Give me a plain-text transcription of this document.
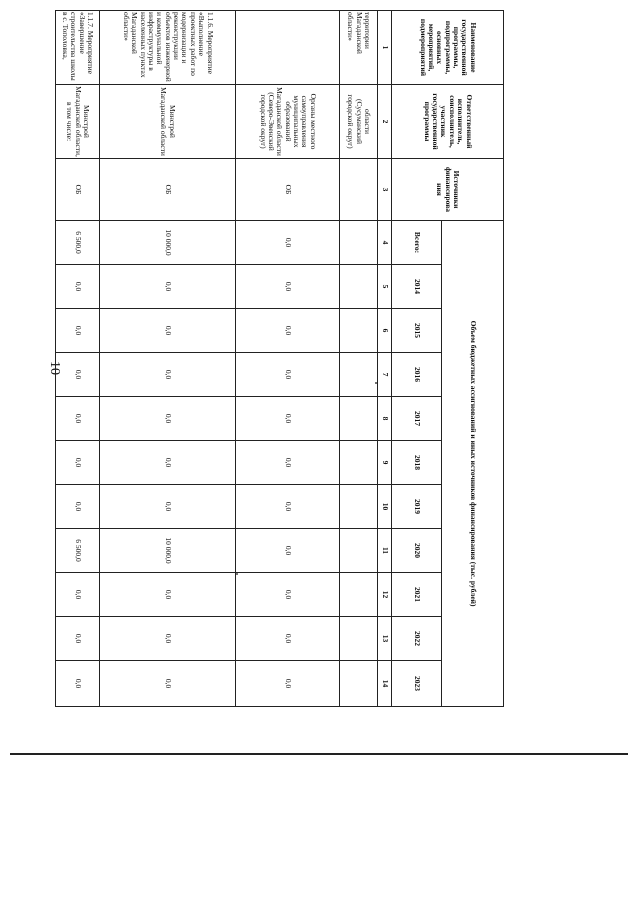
10
Наименование государственной программы, подпрограммы, основных мероприятий, подмероприятий	Ответственный исполнитель, соисполнитель, участник государственной программы	Источники финансирова ния	Объем бюджетных ассигнований и иных источников финансирования (тыс. рублей)										
			Всего:	2014	2015	2016	2017	2018	2019	2020	2021	2022	2023
1	2	3	4	5	6	7	8	9	10	11	12	13	14
территории Магаданской области»	области (Сусуманский городской округ)												
	Органы местного самоуправления муниципальных образований Магаданской области (Северо-Эвенский городской округ)	ОБ	0,0	0,0	0,0	0,0	0,0	0,0	0,0	0,0	0,0	0,0	0,0
1.1.6. Мероприятие «Выполнение проектных работ по модернизации и реконструкции объектов инженерной и коммунальной инфраструктуры в населенных пунктах Магаданской области»	Минстрой Магаданской области	ОБ	10 000,0	0,0	0,0	0,0	0,0	0,0	0,0	10 000,0	0,0	0,0	0,0
1.1.7. Мероприятие «Завершение строительства школы в с. Тополовка,	Минстрой Магаданской области, в том числе:	ОБ	6 500,0	0,0	0,0	0,0	0,0	0,0	0,0	6 500,0	0,0	0,0	0,0
